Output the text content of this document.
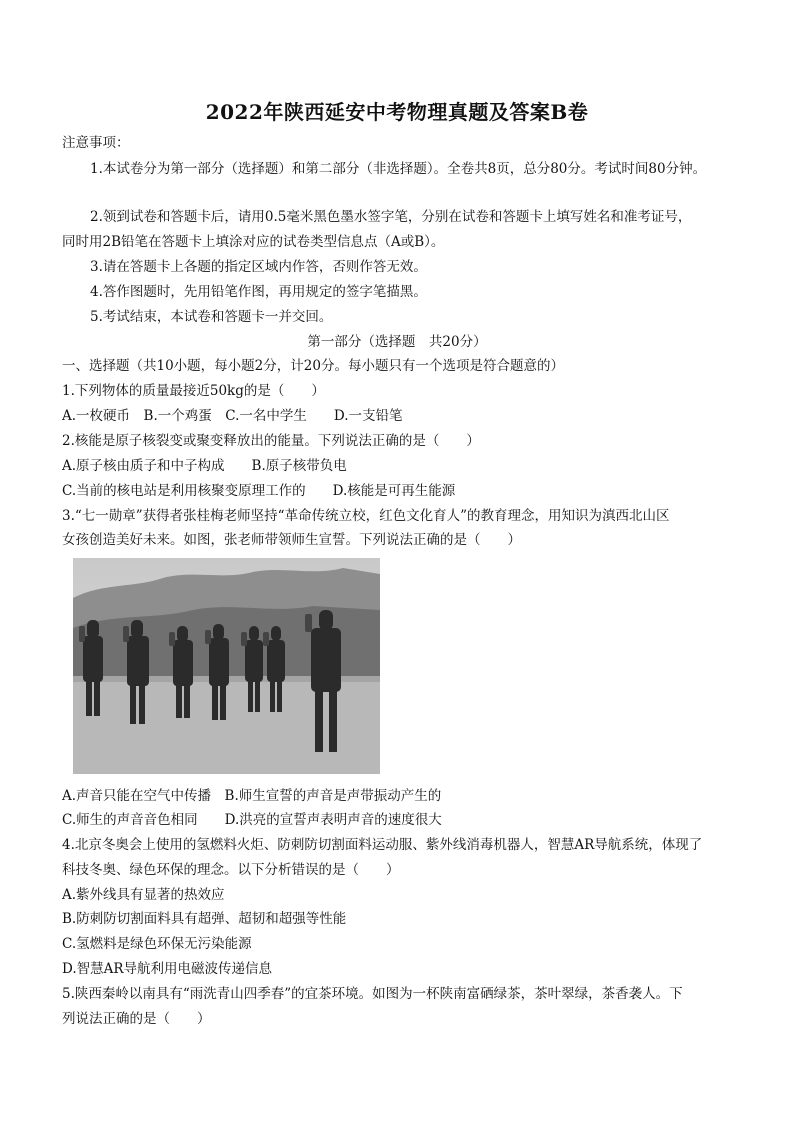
2022年陕西延安中考物理真题及答案B卷
注意事项：
1.本试卷分为第一部分（选择题）和第二部分（非选择题）。全卷共8页，总分80分。考试时间80分钟。
2.领到试卷和答题卡后，请用0.5毫米黑色墨水签字笔，分别在试卷和答题卡上填写姓名和准考证号，
同时用2B铅笔在答题卡上填涂对应的试卷类型信息点（A或B）。
3.请在答题卡上各题的指定区域内作答，否则作答无效。
4.答作图题时，先用铅笔作图，再用规定的签字笔描黑。
5.考试结束，本试卷和答题卡一并交回。
第一部分（选择题　共20分）
一、选择题（共10小题，每小题2分，计20分。每小题只有一个选项是符合题意的）
1.下列物体的质量最接近50kg的是（　　）
A.一枚硬币　B.一个鸡蛋　C.一名中学生　　D.一支铅笔
2.核能是原子核裂变或聚变释放出的能量。下列说法正确的是（　　）
A.原子核由质子和中子构成　　B.原子核带负电
C.当前的核电站是利用核聚变原理工作的　　D.核能是可再生能源
3.“七一勋章”获得者张桂梅老师坚持“革命传统立校，红色文化育人”的教育理念，用知识为滇西北山区
女孩创造美好未来。如图，张老师带领师生宣誓。下列说法正确的是（　　）
A.声音只能在空气中传播　B.师生宣誓的声音是声带振动产生的
C.师生的声音音色相同　　D.洪亮的宣誓声表明声音的速度很大
4.北京冬奥会上使用的氢燃料火炬、防刺防切割面料运动服、紫外线消毒机器人，智慧AR导航系统，体现了
科技冬奥、绿色环保的理念。以下分析错误的是（　　）
A.紫外线具有显著的热效应
B.防刺防切割面料具有超弹、超韧和超强等性能
C.氢燃料是绿色环保无污染能源
D.智慧AR导航利用电磁波传递信息
5.陕西秦岭以南具有“雨洗青山四季春”的宜茶环境。如图为一杯陕南富硒绿茶，茶叶翠绿，茶香袭人。下
列说法正确的是（　　）
